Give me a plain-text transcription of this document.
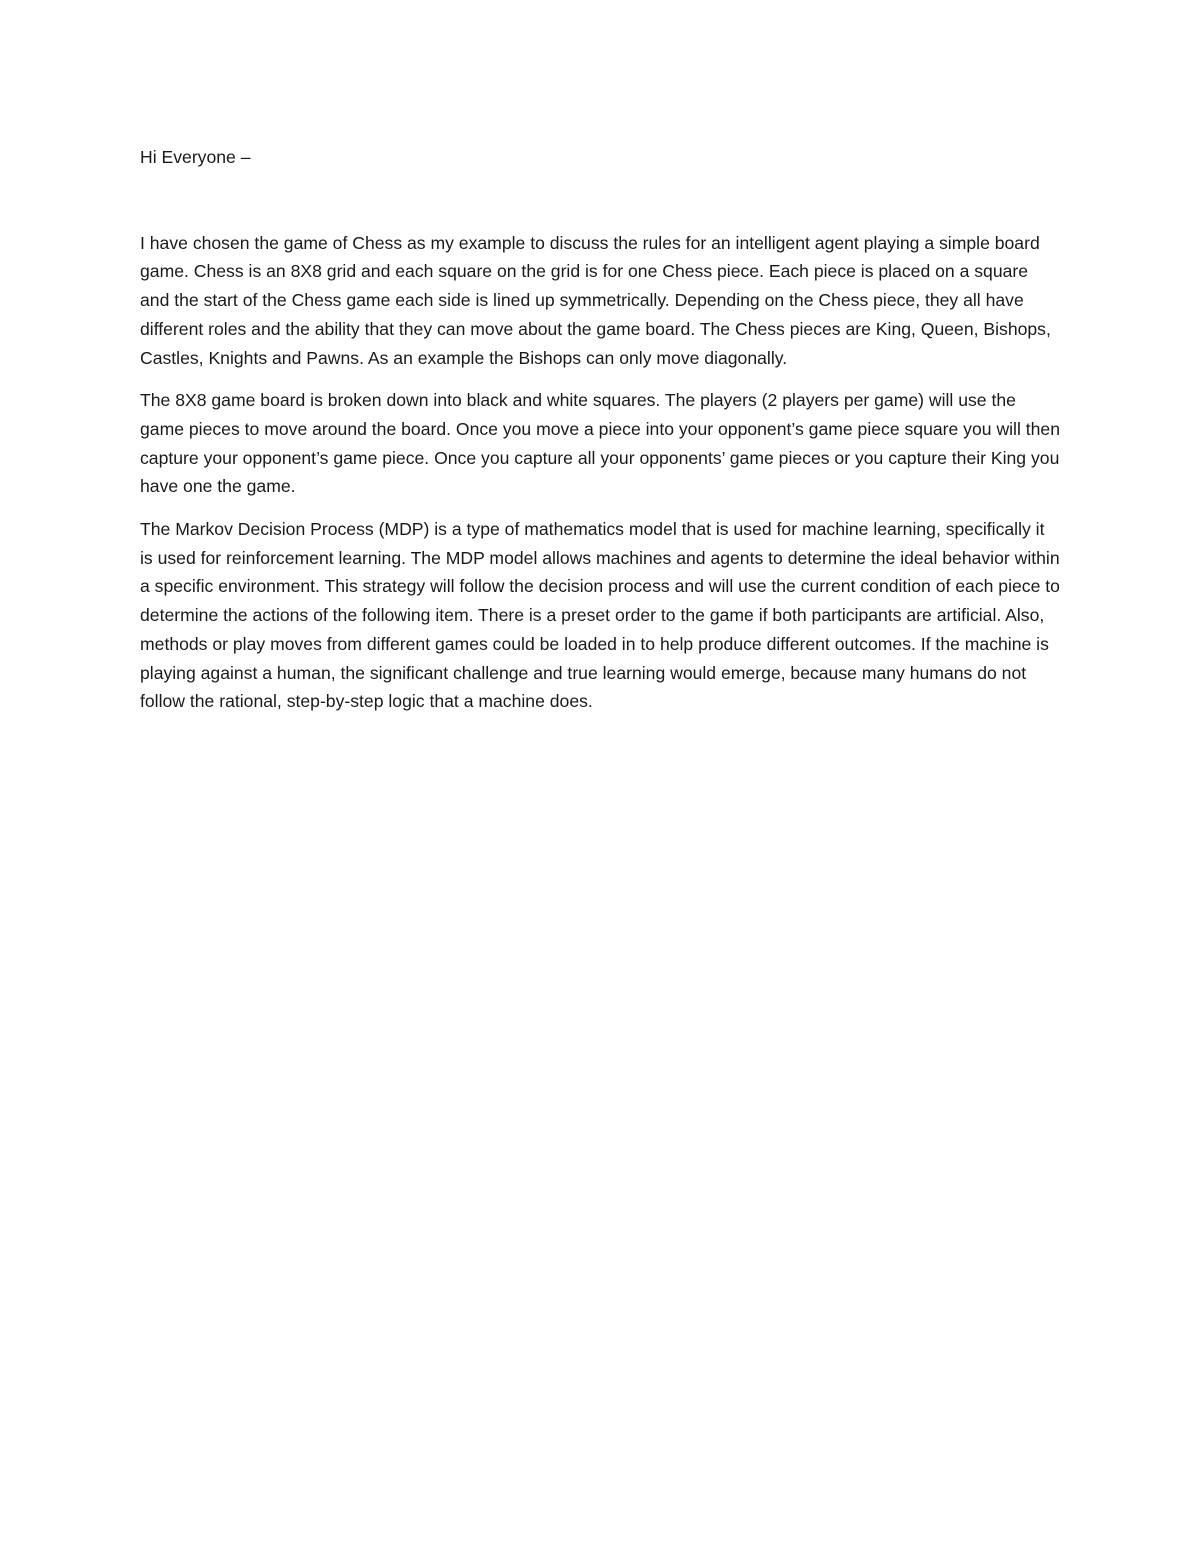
Hi Everyone –

I have chosen the game of Chess as my example to discuss the rules for an intelligent agent playing a simple board game. Chess is an 8X8 grid and each square on the grid is for one Chess piece. Each piece is placed on a square and the start of the Chess game each side is lined up symmetrically. Depending on the Chess piece, they all have different roles and the ability that they can move about the game board. The Chess pieces are King, Queen, Bishops, Castles, Knights and Pawns. As an example the Bishops can only move diagonally.

The 8X8 game board is broken down into black and white squares. The players (2 players per game) will use the game pieces to move around the board. Once you move a piece into your opponent’s game piece square you will then capture your opponent’s game piece. Once you capture all your opponents’ game pieces or you capture their King you have one the game.

The Markov Decision Process (MDP) is a type of mathematics model that is used for machine learning, specifically it is used for reinforcement learning. The MDP model allows machines and agents to determine the ideal behavior within a specific environment. This strategy will follow the decision process and will use the current condition of each piece to determine the actions of the following item. There is a preset order to the game if both participants are artificial. Also, methods or play moves from different games could be loaded in to help produce different outcomes. If the machine is playing against a human, the significant challenge and true learning would emerge, because many humans do not follow the rational, step-by-step logic that a machine does.
